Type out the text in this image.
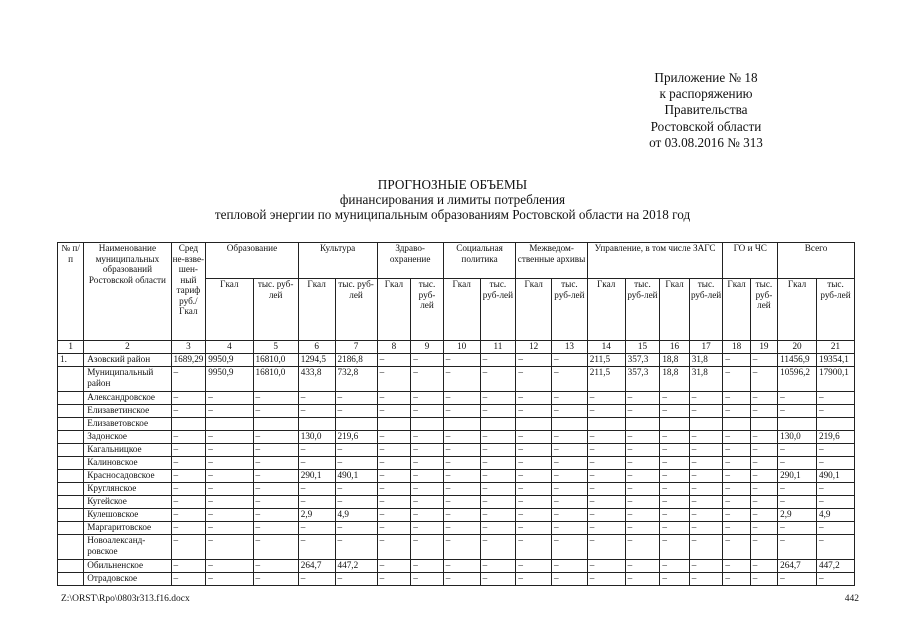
Приложение № 18
к распоряжению
Правительства
Ростовской области
от 03.08.2016 № 313
ПРОГНОЗНЫЕ ОБЪЕМЫ
финансирования и лимиты потребления
тепловой энергии по муниципальным образованиям Ростовской области на 2018 год
№ п/п	Наименование муниципальных образований Ростовской области	Сред не-взве-шен-ный тариф руб./ Гкал	Образование		Культура		Здраво-охранение		Социальная политика		Межведом-ственные архивы		Управление, в том числе ЗАГС				ГО и ЧС		Всего	
			Гкал	тыс. руб-лей	Гкал	тыс. руб-лей	Гкал	тыс. руб-лей	Гкал	тыс. руб-лей	Гкал	тыс. руб-лей	Гкал	тыс. руб-лей	Гкал	тыс. руб-лей	Гкал	тыс. руб-лей	Гкал	тыс. руб-лей
1	2	3	4	5	6	7	8	9	10	11	12	13	14	15	16	17	18	19	20	21
1.	Азовский район	1689,29	9950,9	16810,0	1294,5	2186,8	–	–	–	–	–	–	211,5	357,3	18,8	31,8	–	–	11456,9	19354,1
	Муниципальный район	–	9950,9	16810,0	433,8	732,8	–	–	–	–	–	–	211,5	357,3	18,8	31,8	–	–	10596,2	17900,1
	Александровское	–	–	–	–	–	–	–	–	–	–	–	–	–	–	–	–	–	–	–
	Елизаветинское	–	–	–	–	–	–	–	–	–	–	–	–	–	–	–	–	–	–	–
	Елизаветовское																			
	Задонское	–	–	–	130,0	219,6	–	–	–	–	–	–	–	–	–	–	–	–	130,0	219,6
	Кагальницкое	–	–	–	–	–	–	–	–	–	–	–	–	–	–	–	–	–	–	–
	Калиновское	–	–	–	–	–	–	–	–	–	–	–	–	–	–	–	–	–	–	–
	Красносадовское	–	–	–	290,1	490,1	–	–	–	–	–	–	–	–	–	–	–	–	290,1	490,1
	Круглянское	–	–	–	–	–	–	–	–	–	–	–	–	–	–	–	–	–	–	–
	Кугейское	–	–	–	–	–	–	–	–	–	–	–	–	–	–	–	–	–	–	–
	Кулешовское	–	–	–	2,9	4,9	–	–	–	–	–	–	–	–	–	–	–	–	2,9	4,9
	Маргаритовское	–	–	–	–	–	–	–	–	–	–	–	–	–	–	–	–	–	–	–
	Новоалександ-ровское	–	–	–	–	–	–	–	–	–	–	–	–	–	–	–	–	–	–	–
	Обильненское	–	–	–	264,7	447,2	–	–	–	–	–	–	–	–	–	–	–	–	264,7	447,2
	Отрадовское	–	–	–	–	–	–	–	–	–	–	–	–	–	–	–	–	–	–	–
Z:\ORST\Rpo\0803r313.f16.docx	442
